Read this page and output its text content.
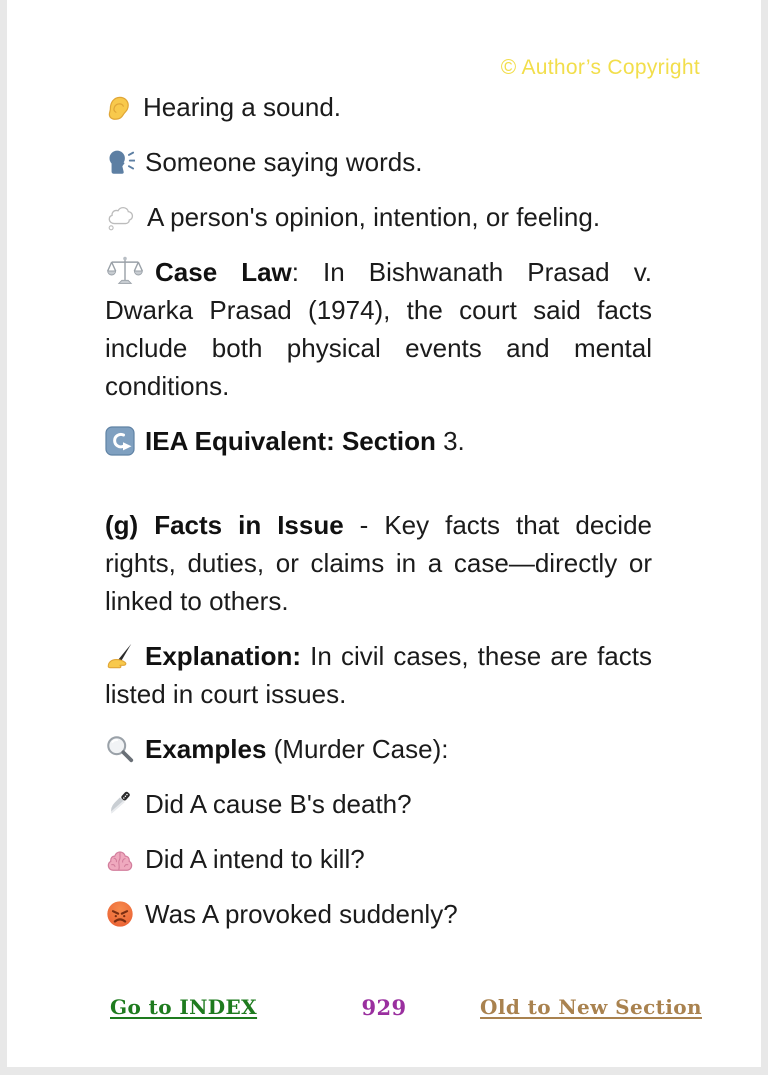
© Author’s Copyright

Hearing a sound.

Someone saying words.

A person's opinion, intention, or feeling.

Case Law: In Bishwanath Prasad v. Dwarka Prasad (1974), the court said facts include both physical events and mental conditions.

IEA Equivalent: Section 3.

(g) Facts in Issue - Key facts that decide rights, duties, or claims in a case—directly or linked to others.

Explanation: In civil cases, these are facts listed in court issues.

Examples (Murder Case):

Did A cause B's death?

Did A intend to kill?

Was A provoked suddenly?

Go to INDEX	929	Old to New Section
